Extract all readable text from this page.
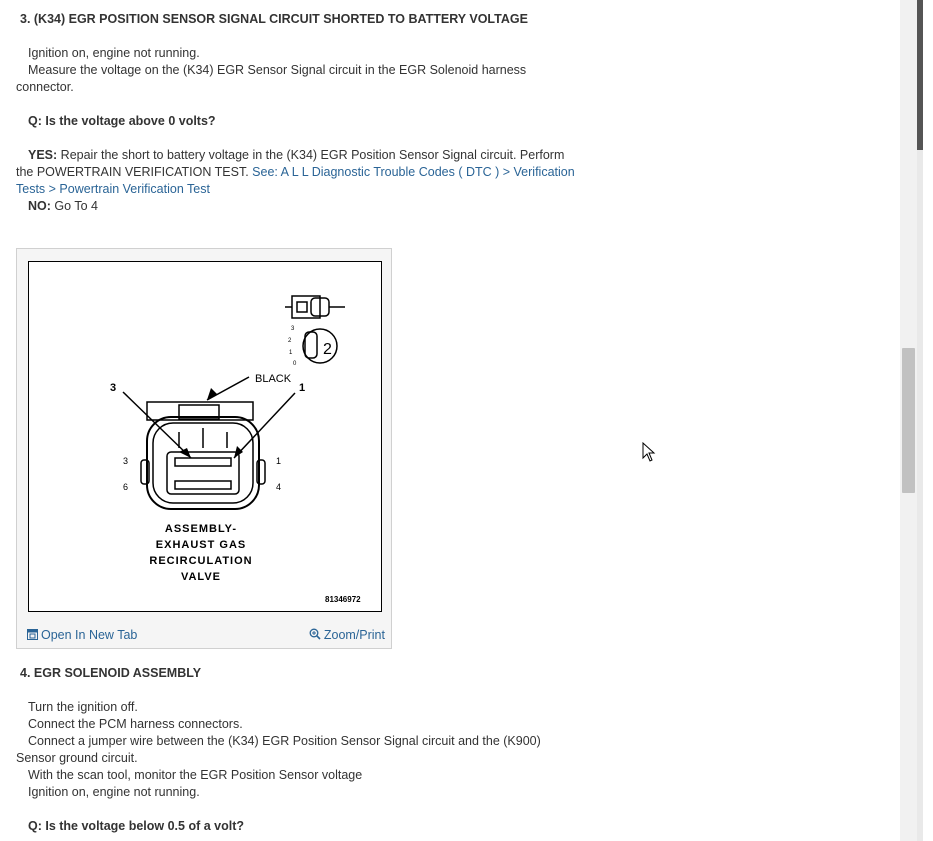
3. (K34) EGR POSITION SENSOR SIGNAL CIRCUIT SHORTED TO BATTERY VOLTAGE
Ignition on, engine not running.
Measure the voltage on the (K34) EGR Sensor Signal circuit in the EGR Solenoid harness
connector.
Q: Is the voltage above 0 volts?
YES: Repair the short to battery voltage in the (K34) EGR Position Sensor Signal circuit. Perform
the POWERTRAIN VERIFICATION TEST. See: A L L Diagnostic Trouble Codes ( DTC ) > Verification
Tests > Powertrain Verification Test
NO: Go To 4
BLACK
3	1
3
6
1
4
2
3
2
1
0
ASSEMBLY-
EXHAUST GAS
RECIRCULATION
VALVE
81346972
Open In New Tab	Zoom/Print
4. EGR SOLENOID ASSEMBLY
Turn the ignition off.
Connect the PCM harness connectors.
Connect a jumper wire between the (K34) EGR Position Sensor Signal circuit and the (K900)
Sensor ground circuit.
With the scan tool, monitor the EGR Position Sensor voltage
Ignition on, engine not running.
Q: Is the voltage below 0.5 of a volt?
